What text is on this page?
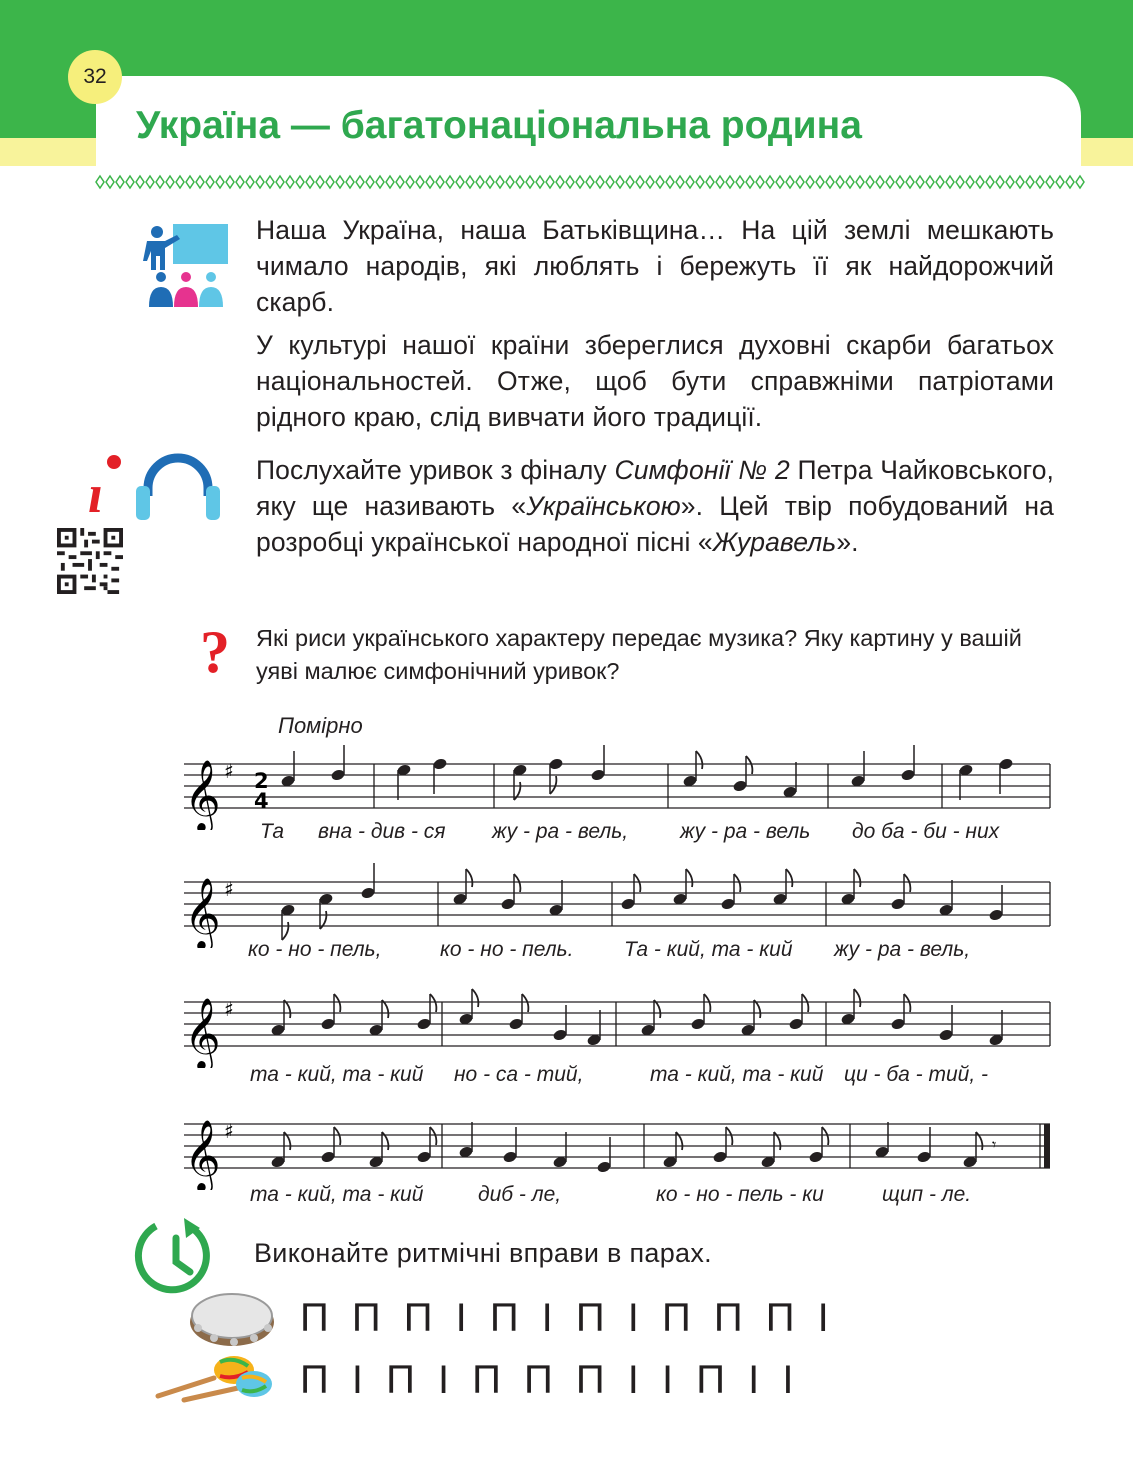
32
Україна — багатонаціональна родина
Наша Україна, наша Батьківщина… На цій землі мешкають чимало народів, які люблять і бережуть її як найдорожчий скарб.
У культурі нашої країни збереглися духовні скарби багатьох національностей. Отже, щоб бути справжніми патріотами рідного краю, слід вивчати його традиції.
ı	Послухайте уривок з фіналу Симфонії № 2 Петра Чайковського, яку ще називають «Українською». Цей твір побудований на розробці української народної пісні «Журавель».
? Які риси українського характеру передає музика? Яку картину у вашій уяві малює симфонічний уривок?
Помірно
𝄞 ♯ 2
4
Та вна - див - ся жу - ра - вель, жу - ра - вель до ба - би - них
𝄞 ♯
ко - но - пель,	ко - но - пель. Та - кий, та - кий жу - ра - вель,
𝄞 ♯
та - кий, та - кий но - са - тий,	та - кий, та - кий ци - ба - тий, -
𝄞 ♯
𝄾
та - кий, та - кий	диб - ле,	ко - но - пель - ки	щип - ле.
Виконайте ритмічні вправи в парах.
П П П І П І П І П П П І
П І П І П П П І І П І І
